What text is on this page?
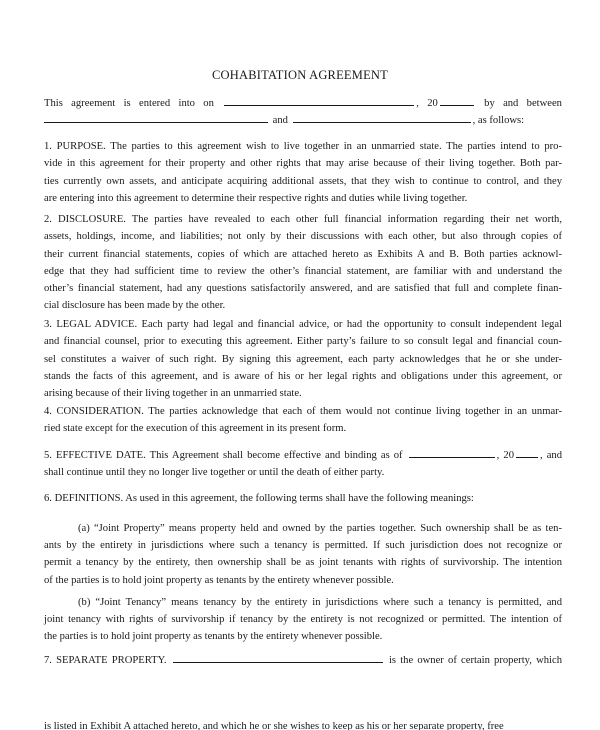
COHABITATION AGREEMENT
This agreement is entered into on	, 20	by and between
and	, as follows:
1. PURPOSE. The parties to this agreement wish to live together in an unmarried state. The parties intend to pro-
vide in this agreement for their property and other rights that may arise because of their living together. Both par-
ties currently own assets, and anticipate acquiring additional assets, that they wish to continue to control, and they
are entering into this agreement to determine their respective rights and duties while living together.
2. DISCLOSURE. The parties have revealed to each other full financial information regarding their net worth,
assets, holdings, income, and liabilities; not only by their discussions with each other, but also through copies of
their current financial statements, copies of which are attached hereto as Exhibits A and B. Both parties acknowl-
edge that they had sufficient time to review the other’s financial statement, are familiar with and understand the
other’s financial statement, had any questions satisfactorily answered, and are satisfied that full and complete finan-
cial disclosure has been made by the other.
3. LEGAL ADVICE. Each party had legal and financial advice, or had the opportunity to consult independent legal
and financial counsel, prior to executing this agreement. Either party’s failure to so consult legal and financial coun-
sel constitutes a waiver of such right. By signing this agreement, each party acknowledges that he or she under-
stands the facts of this agreement, and is aware of his or her legal rights and obligations under this agreement, or
arising because of their living together in an unmarried state.
4. CONSIDERATION. The parties acknowledge that each of them would not continue living together in an unmar-
ried state except for the execution of this agreement in its present form.
5. EFFECTIVE DATE. This Agreement shall become effective and binding as of	, 20 , and
shall continue until they no longer live together or until the death of either party.
6. DEFINITIONS. As used in this agreement, the following terms shall have the following meanings:
(a) “Joint Property” means property held and owned by the parties together. Such ownership shall be as ten-
ants by the entirety in jurisdictions where such a tenancy is permitted. If such jurisdiction does not recognize or
permit a tenancy by the entirety, then ownership shall be as joint tenants with rights of survivorship. The intention
of the parties is to hold joint property as tenants by the entirety whenever possible.
(b) “Joint Tenancy” means tenancy by the entirety in jurisdictions where such a tenancy is permitted, and
joint tenancy with rights of survivorship if tenancy by the entirety is not recognized or permitted. The intention of
the parties is to hold joint property as tenants by the entirety whenever possible.
7. SEPARATE PROPERTY.	is the owner of certain property, which
is listed in Exhibit A attached hereto, and which he or she wishes to keep as his or her separate property, free
